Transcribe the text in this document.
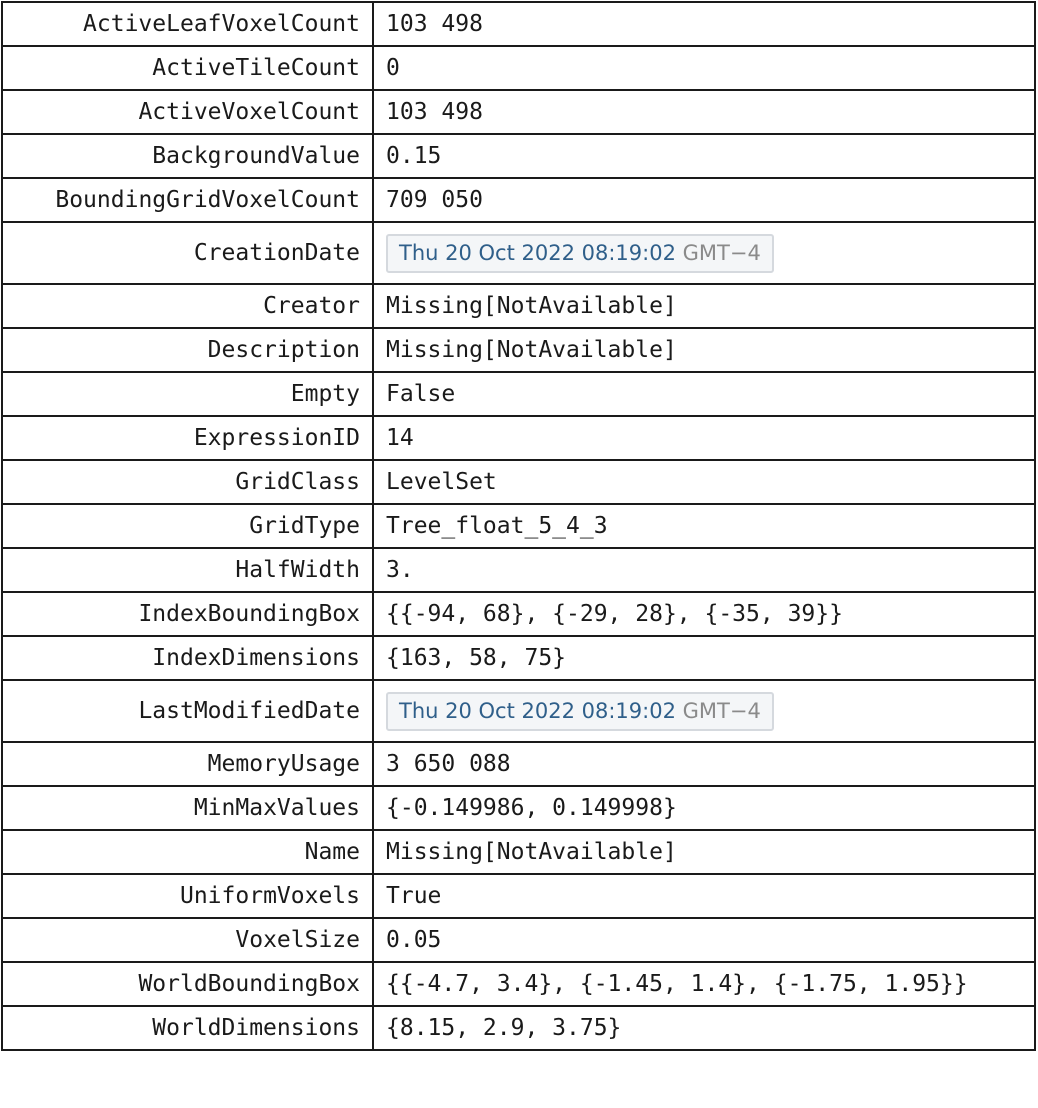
ActiveLeafVoxelCount	103 498
ActiveTileCount	0
ActiveVoxelCount	103 498
BackgroundValue	0.15
BoundingGridVoxelCount	709 050
CreationDate	Thu 20 Oct 2022 08:19:02 GMT−4
Creator	Missing[NotAvailable]
Description	Missing[NotAvailable]
Empty	False
ExpressionID	14
GridClass	LevelSet
GridType	Tree_float_5_4_3
HalfWidth	3.
IndexBoundingBox	{{-94, 68}, {-29, 28}, {-35, 39}}
IndexDimensions	{163, 58, 75}
LastModifiedDate	Thu 20 Oct 2022 08:19:02 GMT−4
MemoryUsage	3 650 088
MinMaxValues	{-0.149986, 0.149998}
Name	Missing[NotAvailable]
UniformVoxels	True
VoxelSize	0.05
WorldBoundingBox	{{-4.7, 3.4}, {-1.45, 1.4}, {-1.75, 1.95}}
WorldDimensions	{8.15, 2.9, 3.75}
